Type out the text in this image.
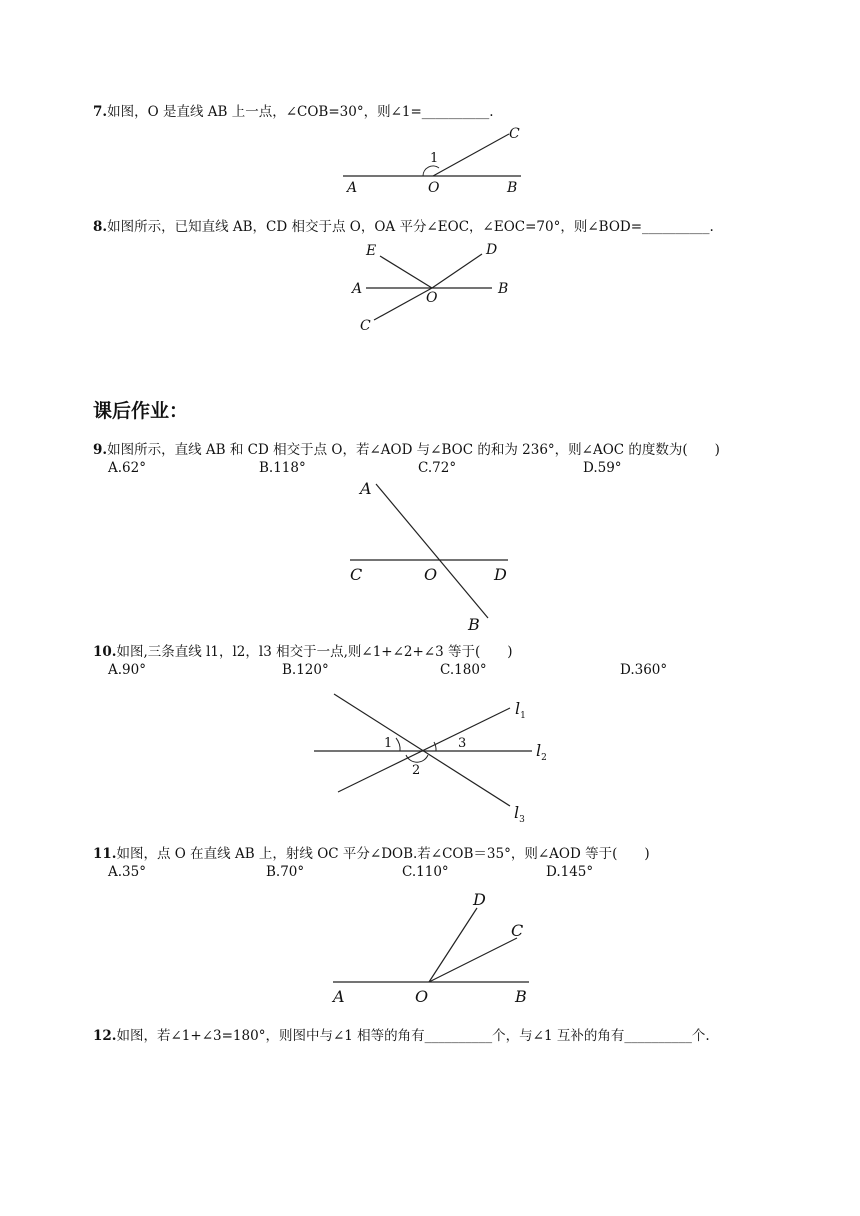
7.如图，O 是直线 AB 上一点，∠COB=30°，则∠1=__________.
A	O	B
C
1
8.如图所示，已知直线 AB，CD 相交于点 O，OA 平分∠EOC，∠EOC=70°，则∠BOD=__________.
E	D
A
O
B
C
课后作业：
9.如图所示，直线 AB 和 CD 相交于点 O，若∠AOD 与∠BOC 的和为 236°，则∠AOC 的度数为(　　)
A.62°	B.118°	C.72°	D.59°
A
C	O	D
B
10.如图,三条直线 l1，l2，l3 相交于一点,则∠1+∠2+∠3 等于(　　)
A.90°	B.120°	C.180°	D.360°
1	3
2
$l_1$
$l_2$
$l_3$
11.如图，点 O 在直线 AB 上，射线 OC 平分∠DOB.若∠COB＝35°，则∠AOD 等于(　　)
A.35°	B.70°	C.110°	D.145°
D
C
A	O	B
12.如图，若∠1+∠3=180°，则图中与∠1 相等的角有__________个，与∠1 互补的角有__________个.
